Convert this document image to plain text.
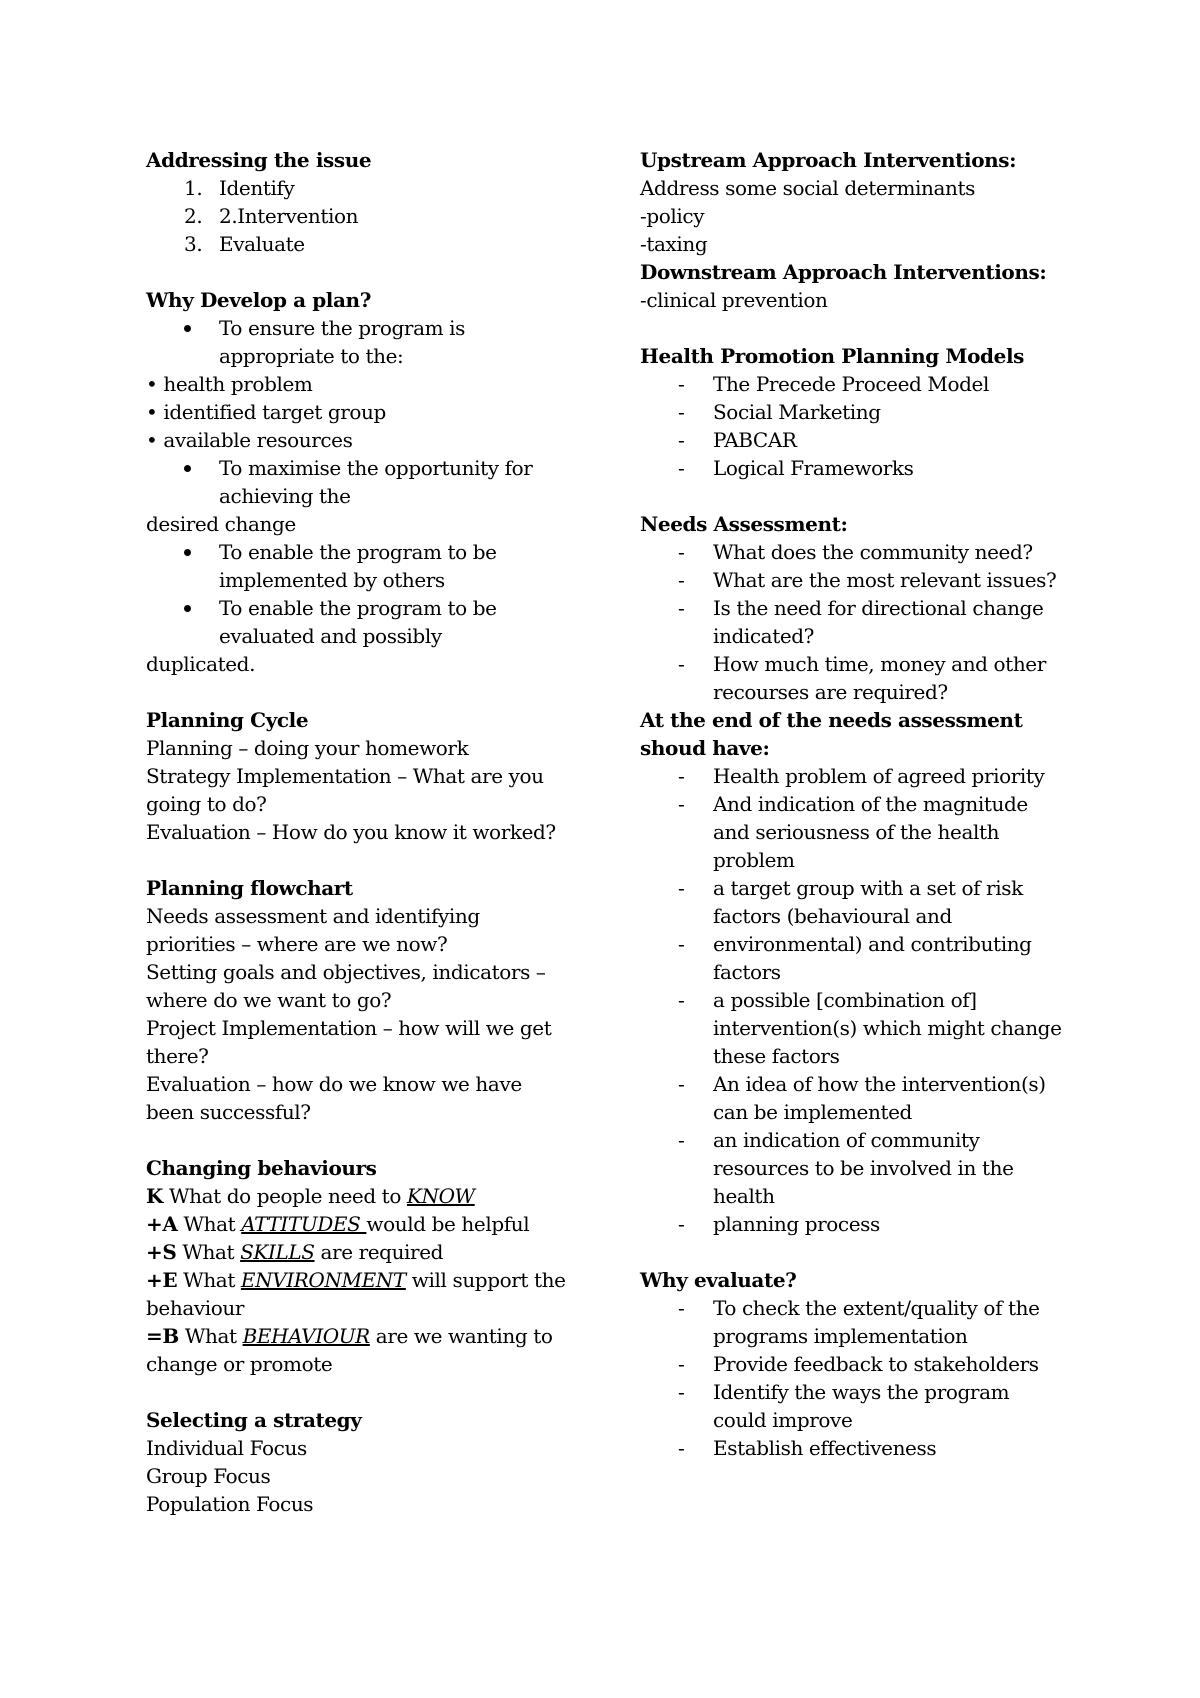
Addressing the issue
1. Identify
2. 2.Intervention
3. Evaluate
Why Develop a plan?
To ensure the program is
appropriate to the:
• health problem
• identified target group
• available resources
To maximise the opportunity for
achieving the
desired change
To enable the program to be
implemented by others
To enable the program to be
evaluated and possibly
duplicated.
Planning Cycle
Planning – doing your homework
Strategy Implementation – What are you
going to do?
Evaluation – How do you know it worked?
Planning flowchart
Needs assessment and identifying
priorities – where are we now?
Setting goals and objectives, indicators –
where do we want to go?
Project Implementation – how will we get
there?
Evaluation – how do we know we have
been successful?
Changing behaviours
K What do people need to KNOW
+A What ATTITUDES would be helpful
+S What SKILLS are required
+E What ENVIRONMENT will support the
behaviour
=B What BEHAVIOUR are we wanting to
change or promote
Selecting a strategy
Individual Focus
Group Focus
Population Focus
Upstream Approach Interventions:
Address some social determinants
-policy
-taxing
Downstream Approach Interventions:
-clinical prevention
Health Promotion Planning Models
- The Precede Proceed Model
- Social Marketing
- PABCAR
- Logical Frameworks
Needs Assessment:
- What does the community need?
- What are the most relevant issues?
- Is the need for directional change
indicated?
- How much time, money and other
recourses are required?
At the end of the needs assessment
shoud have:
- Health problem of agreed priority
- And indication of the magnitude
and seriousness of the health
problem
- a target group with a set of risk
factors (behavioural and
- environmental) and contributing
factors
- a possible [combination of]
intervention(s) which might change
these factors
- An idea of how the intervention(s)
can be implemented
- an indication of community
resources to be involved in the
health
- planning process
Why evaluate?
- To check the extent/quality of the
programs implementation
- Provide feedback to stakeholders
- Identify the ways the program
could improve
- Establish effectiveness
